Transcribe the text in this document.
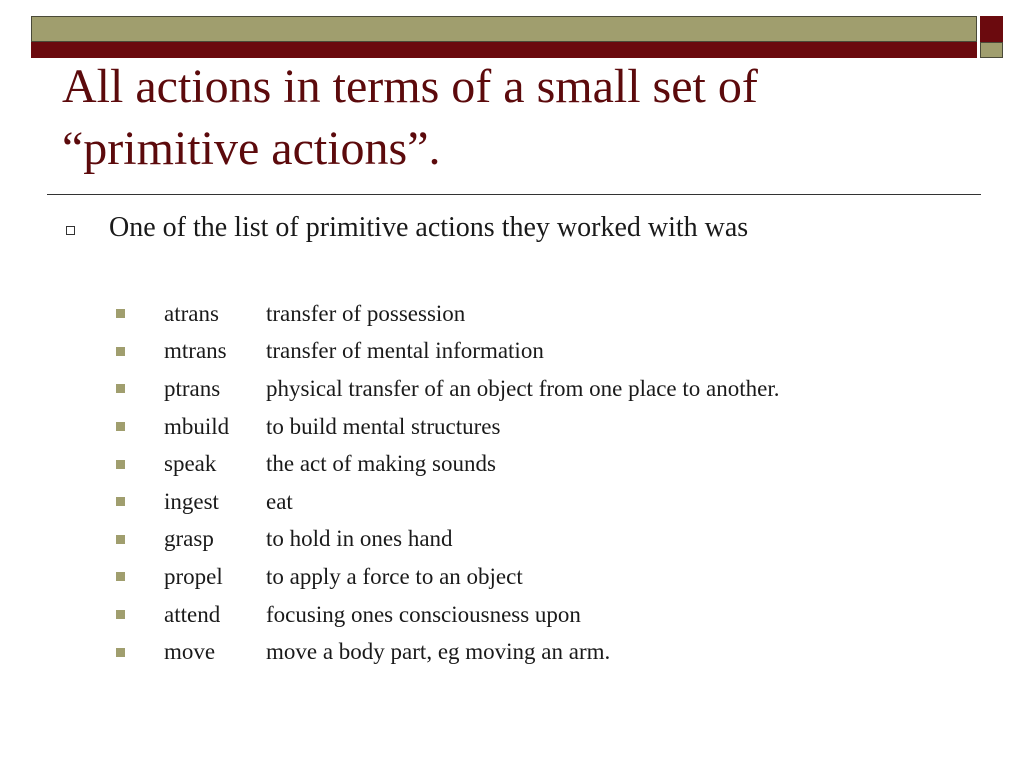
All actions in terms of a small set of “primitive actions”.
One of the list of primitive actions they worked with was
atrans	transfer of possession
mtrans	transfer of mental information
ptrans	physical transfer of an object from one place to another.
mbuild	to build mental structures
speak	the act of making sounds
ingest	eat
grasp	to hold in ones hand
propel	to apply a force to an object
attend	focusing ones consciousness upon
move	move a body part, eg moving an arm.
